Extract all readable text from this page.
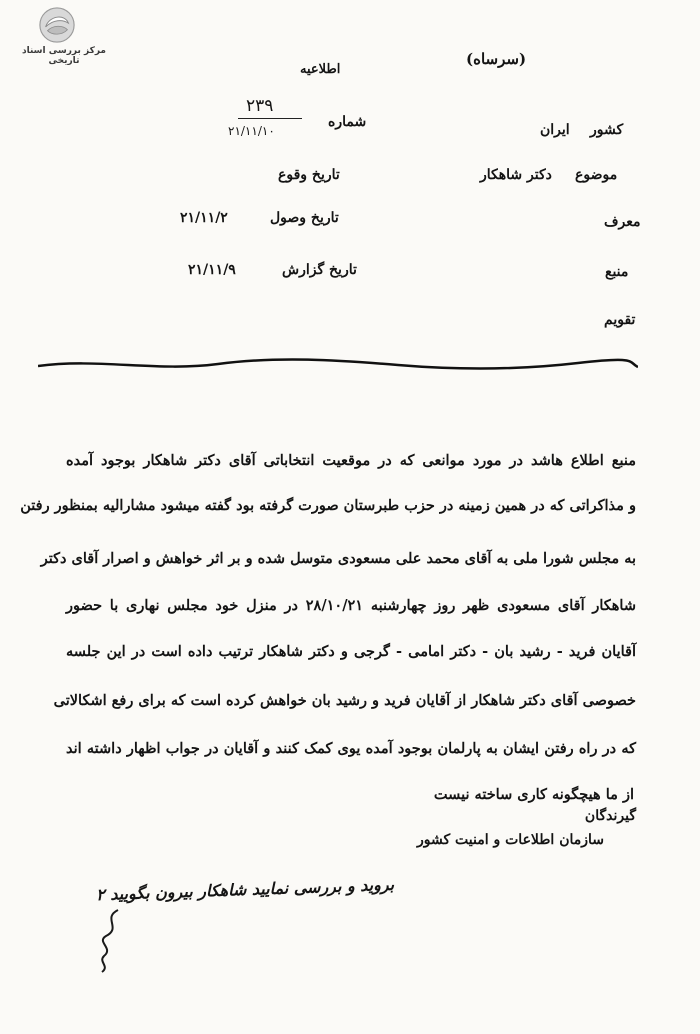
مرکز بررسی اسناد تاریخی	(سرساه)
اطلاعیه
شماره
۲۳۹
۲۱/۱۱/۱۰	کشور
ایران
موضوع
دکتر شاهکار
تاریخ وقوع
معرف
تاریخ وصول
۲۱/۱۱/۲
منبع
تاریخ گزارش
۲۱/۱۱/۹
تقویم
منبع اطلاع هاشد در مورد موانعی که در موقعیت انتخاباتی آقای دکتر شاهکار بوجود آمده
و مذاکراتی که در همین زمینه در حزب طبرستان صورت گرفته بود گفته میشود مشارالیه بمنظور رفتن
به مجلس شورا ملی به آقای محمد علی مسعودی متوسل شده و بر اثر خواهش و اصرار آقای دکتر
شاهکار آقای مسعودی ظهر روز چهارشنبه ۲۸/۱۰/۲۱ در منزل خود مجلس نهاری با حضور
آقایان فرید - رشید بان - دکتر امامی - گرجی و دکتر شاهکار ترتیب داده است در این جلسه
خصوصی آقای دکتر شاهکار از آقایان فرید و رشید بان خواهش کرده است که برای رفع اشکالاتی
که در راه رفتن ایشان به پارلمان بوجود آمده یوی کمک کنند و آقایان در جواب اظهار داشته اند
از ما هیچگونه کاری ساخته نیست
گیرندگان
سازمان اطلاعات و امنیت کشور
بروید و بررسی نمایید شاهکار بیرون بگویید ۲
